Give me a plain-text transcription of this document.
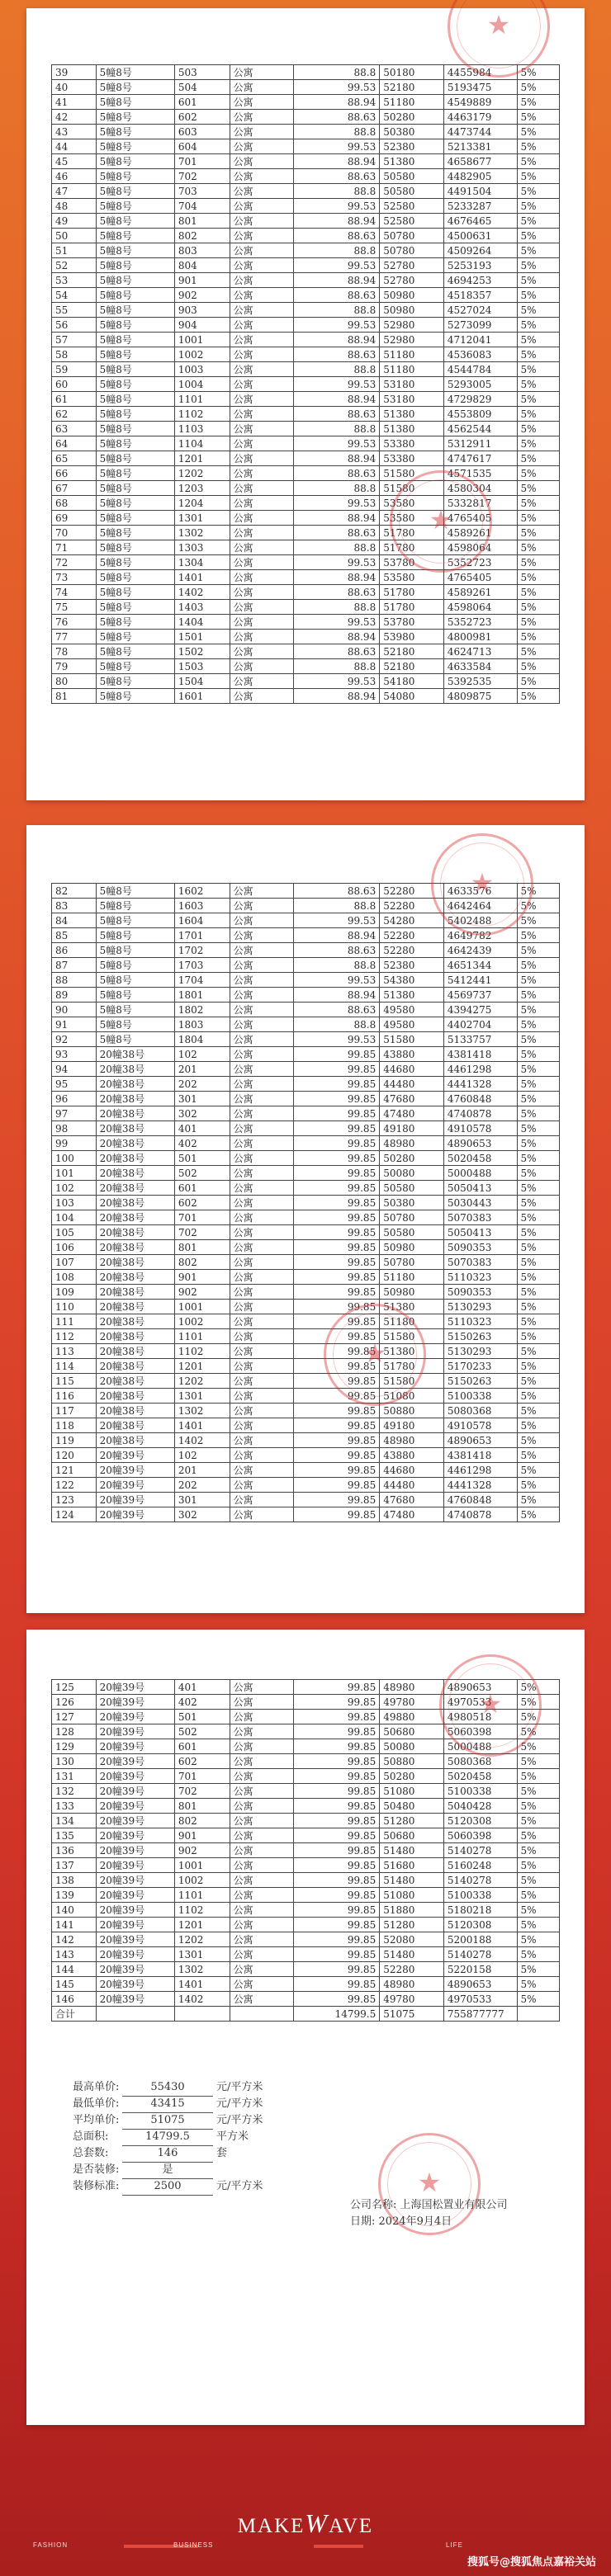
39	5幢8号	503	公寓	88.8	50180	4455984	5%
40	5幢8号	504	公寓	99.53	52180	5193475	5%
41	5幢8号	601	公寓	88.94	51180	4549889	5%
42	5幢8号	602	公寓	88.63	50280	4463179	5%
43	5幢8号	603	公寓	88.8	50380	4473744	5%
44	5幢8号	604	公寓	99.53	52380	5213381	5%
45	5幢8号	701	公寓	88.94	51380	4658677	5%
46	5幢8号	702	公寓	88.63	50580	4482905	5%
47	5幢8号	703	公寓	88.8	50580	4491504	5%
48	5幢8号	704	公寓	99.53	52580	5233287	5%
49	5幢8号	801	公寓	88.94	52580	4676465	5%
50	5幢8号	802	公寓	88.63	50780	4500631	5%
51	5幢8号	803	公寓	88.8	50780	4509264	5%
52	5幢8号	804	公寓	99.53	52780	5253193	5%
53	5幢8号	901	公寓	88.94	52780	4694253	5%
54	5幢8号	902	公寓	88.63	50980	4518357	5%
55	5幢8号	903	公寓	88.8	50980	4527024	5%
56	5幢8号	904	公寓	99.53	52980	5273099	5%
57	5幢8号	1001	公寓	88.94	52980	4712041	5%
58	5幢8号	1002	公寓	88.63	51180	4536083	5%
59	5幢8号	1003	公寓	88.8	51180	4544784	5%
60	5幢8号	1004	公寓	99.53	53180	5293005	5%
61	5幢8号	1101	公寓	88.94	53180	4729829	5%
62	5幢8号	1102	公寓	88.63	51380	4553809	5%
63	5幢8号	1103	公寓	88.8	51380	4562544	5%
64	5幢8号	1104	公寓	99.53	53380	5312911	5%
65	5幢8号	1201	公寓	88.94	53380	4747617	5%
66	5幢8号	1202	公寓	88.63	51580	4571535	5%
67	5幢8号	1203	公寓	88.8	51580	4580304	5%
68	5幢8号	1204	公寓	99.53	53580	5332817	5%
69	5幢8号	1301	公寓	88.94	53580	4765405	5%
70	5幢8号	1302	公寓	88.63	51780	4589261	5%
71	5幢8号	1303	公寓	88.8	51780	4598064	5%
72	5幢8号	1304	公寓	99.53	53780	5352723	5%
73	5幢8号	1401	公寓	88.94	53580	4765405	5%
74	5幢8号	1402	公寓	88.63	51780	4589261	5%
75	5幢8号	1403	公寓	88.8	51780	4598064	5%
76	5幢8号	1404	公寓	99.53	53780	5352723	5%
77	5幢8号	1501	公寓	88.94	53980	4800981	5%
78	5幢8号	1502	公寓	88.63	52180	4624713	5%
79	5幢8号	1503	公寓	88.8	52180	4633584	5%
80	5幢8号	1504	公寓	99.53	54180	5392535	5%
81	5幢8号	1601	公寓	88.94	54080	4809875	5%
★
★
82	5幢8号	1602	公寓	88.63	52280	4633576	5%
83	5幢8号	1603	公寓	88.8	52280	4642464	5%
84	5幢8号	1604	公寓	99.53	54280	5402488	5%
85	5幢8号	1701	公寓	88.94	52280	4649782	5%
86	5幢8号	1702	公寓	88.63	52280	4642439	5%
87	5幢8号	1703	公寓	88.8	52380	4651344	5%
88	5幢8号	1704	公寓	99.53	54380	5412441	5%
89	5幢8号	1801	公寓	88.94	51380	4569737	5%
90	5幢8号	1802	公寓	88.63	49580	4394275	5%
91	5幢8号	1803	公寓	88.8	49580	4402704	5%
92	5幢8号	1804	公寓	99.53	51580	5133757	5%
93	20幢38号	102	公寓	99.85	43880	4381418	5%
94	20幢38号	201	公寓	99.85	44680	4461298	5%
95	20幢38号	202	公寓	99.85	44480	4441328	5%
96	20幢38号	301	公寓	99.85	47680	4760848	5%
97	20幢38号	302	公寓	99.85	47480	4740878	5%
98	20幢38号	401	公寓	99.85	49180	4910578	5%
99	20幢38号	402	公寓	99.85	48980	4890653	5%
100	20幢38号	501	公寓	99.85	50280	5020458	5%
101	20幢38号	502	公寓	99.85	50080	5000488	5%
102	20幢38号	601	公寓	99.85	50580	5050413	5%
103	20幢38号	602	公寓	99.85	50380	5030443	5%
104	20幢38号	701	公寓	99.85	50780	5070383	5%
105	20幢38号	702	公寓	99.85	50580	5050413	5%
106	20幢38号	801	公寓	99.85	50980	5090353	5%
107	20幢38号	802	公寓	99.85	50780	5070383	5%
108	20幢38号	901	公寓	99.85	51180	5110323	5%
109	20幢38号	902	公寓	99.85	50980	5090353	5%
110	20幢38号	1001	公寓	99.85	51380	5130293	5%
111	20幢38号	1002	公寓	99.85	51180	5110323	5%
112	20幢38号	1101	公寓	99.85	51580	5150263	5%
113	20幢38号	1102	公寓	99.85	51380	5130293	5%
114	20幢38号	1201	公寓	99.85	51780	5170233	5%
115	20幢38号	1202	公寓	99.85	51580	5150263	5%
116	20幢38号	1301	公寓	99.85	51080	5100338	5%
117	20幢38号	1302	公寓	99.85	50880	5080368	5%
118	20幢38号	1401	公寓	99.85	49180	4910578	5%
119	20幢38号	1402	公寓	99.85	48980	4890653	5%
120	20幢39号	102	公寓	99.85	43880	4381418	5%
121	20幢39号	201	公寓	99.85	44680	4461298	5%
122	20幢39号	202	公寓	99.85	44480	4441328	5%
123	20幢39号	301	公寓	99.85	47680	4760848	5%
124	20幢39号	302	公寓	99.85	47480	4740878	5%
★
★
125	20幢39号	401	公寓	99.85	48980	4890653	5%
126	20幢39号	402	公寓	99.85	49780	4970533	5%
127	20幢39号	501	公寓	99.85	49880	4980518	5%
128	20幢39号	502	公寓	99.85	50680	5060398	5%
129	20幢39号	601	公寓	99.85	50080	5000488	5%
130	20幢39号	602	公寓	99.85	50880	5080368	5%
131	20幢39号	701	公寓	99.85	50280	5020458	5%
132	20幢39号	702	公寓	99.85	51080	5100338	5%
133	20幢39号	801	公寓	99.85	50480	5040428	5%
134	20幢39号	802	公寓	99.85	51280	5120308	5%
135	20幢39号	901	公寓	99.85	50680	5060398	5%
136	20幢39号	902	公寓	99.85	51480	5140278	5%
137	20幢39号	1001	公寓	99.85	51680	5160248	5%
138	20幢39号	1002	公寓	99.85	51480	5140278	5%
139	20幢39号	1101	公寓	99.85	51080	5100338	5%
140	20幢39号	1102	公寓	99.85	51880	5180218	5%
141	20幢39号	1201	公寓	99.85	51280	5120308	5%
142	20幢39号	1202	公寓	99.85	52080	5200188	5%
143	20幢39号	1301	公寓	99.85	51480	5140278	5%
144	20幢39号	1302	公寓	99.85	52280	5220158	5%
145	20幢39号	1401	公寓	99.85	48980	4890653	5%
146	20幢39号	1402	公寓	99.85	49780	4970533	5%
合计				14799.5	51075	755877777	
★
最高单价:	55430	元/平方米
最低单价:	43415	元/平方米
平均单价:	51075	元/平方米
总面积:	14799.5	平方米
总套数:	146	套
是否装修:	是
装修标准:	2500	元/平方米
★
公司名称: 上海国松置业有限公司
日期: 2024年9月4日
MAKEWAVE
FASHION	BUSINESS	LIFE
搜狐号@搜狐焦点嘉裕关站
